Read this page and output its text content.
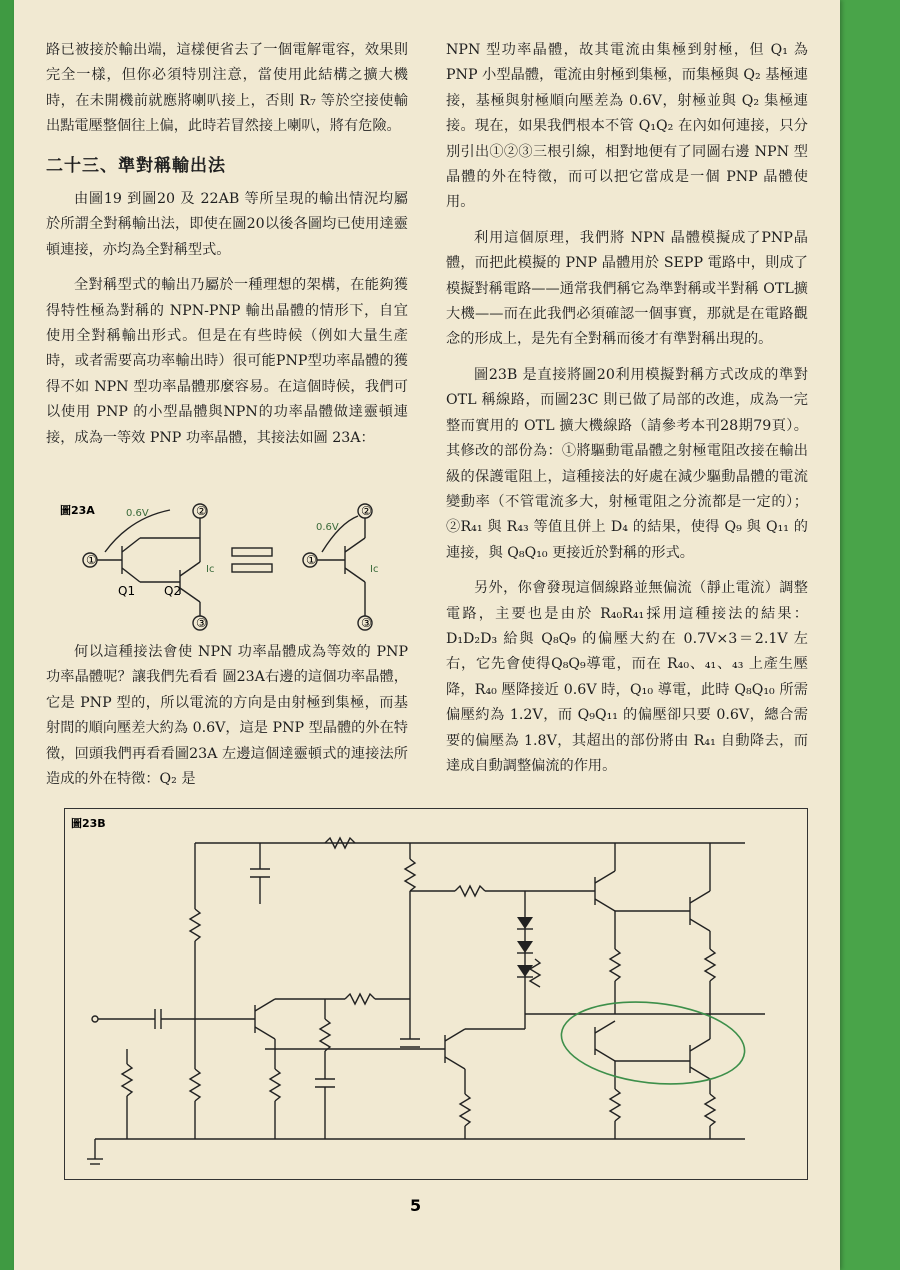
路已被接於輸出端，這樣便省去了一個電解電容，效果則完全一樣，但你必須特別注意，當使用此結構之擴大機時，在未開機前就應將喇叭接上，否則 R₇ 等於空接使輸出點電壓整個往上偏，此時若冒然接上喇叭，將有危險。

二十三、準對稱輸出法

由圖19 到圖20 及 22AB 等所呈現的輸出情況均屬於所謂全對稱輸出法，即使在圖20以後各圖均已使用達靈頓連接，亦均為全對稱型式。

全對稱型式的輸出乃屬於一種理想的架構，在能夠獲得特性極為對稱的 NPN-PNP 輸出晶體的情形下，自宜使用全對稱輸出形式。但是在有些時候（例如大量生產時，或者需要高功率輸出時）很可能PNP型功率晶體的獲得不如 NPN 型功率晶體那麼容易。在這個時候，我們可以使用 PNP 的小型晶體與NPN的功率晶體做達靈頓連接，成為一等效 PNP 功率晶體，其接法如圖 23A：

圖23A
①
②
③
Q1 Q2
0.6V
Ic
①
②
③
0.6V
Ic

何以這種接法會使 NPN 功率晶體成為等效的 PNP 功率晶體呢？讓我們先看看 圖23A右邊的這個功率晶體，它是 PNP 型的，所以電流的方向是由射極到集極，而基射間的順向壓差大約為 0.6V，這是 PNP 型晶體的外在特徵，回頭我們再看看圖23A 左邊這個達靈頓式的連接法所造成的外在特徵：Q₂ 是

NPN 型功率晶體，故其電流由集極到射極，但 Q₁ 為 PNP 小型晶體，電流由射極到集極，而集極與 Q₂ 基極連接，基極與射極順向壓差為 0.6V，射極並與 Q₂ 集極連接。現在，如果我們根本不管 Q₁Q₂ 在內如何連接，只分別引出①②③三根引線，相對地便有了同圖右邊 NPN 型晶體的外在特徵，而可以把它當成是一個 PNP 晶體使用。

利用這個原理，我們將 NPN 晶體模擬成了PNP晶體，而把此模擬的 PNP 晶體用於 SEPP 電路中，則成了模擬對稱電路——通常我們稱它為準對稱或半對稱 OTL擴大機——而在此我們必須確認一個事實，那就是在電路觀念的形成上，是先有全對稱而後才有準對稱出現的。

圖23B 是直接將圖20利用模擬對稱方式改成的準對 OTL 稱線路，而圖23C 則已做了局部的改進，成為一完整而實用的 OTL 擴大機線路（請參考本刊28期79頁）。其修改的部份為：①將驅動電晶體之射極電阻改接在輸出級的保護電阻上，這種接法的好處在減少驅動晶體的電流變動率（不管電流多大，射極電阻之分流都是一定的）；②R₄₁ 與 R₄₃ 等值且併上 D₄ 的結果，使得 Q₉ 與 Q₁₁ 的連接，與 Q₈Q₁₀ 更接近於對稱的形式。

另外，你會發現這個線路並無偏流（靜止電流）調整電路，主要也是由於 R₄₀R₄₁採用這種接法的結果：D₁D₂D₃ 給與 Q₈Q₉ 的偏壓大約在 0.7V×3＝2.1V 左右，它先會使得Q₈Q₉導電，而在 R₄₀、₄₁、₄₃ 上產生壓降，R₄₀ 壓降接近 0.6V 時，Q₁₀ 導電，此時 Q₈Q₁₀ 所需偏壓約為 1.2V，而 Q₉Q₁₁ 的偏壓卻只要 0.6V，總合需要的偏壓為 1.8V，其超出的部份將由 R₄₁ 自動降去，而達成自動調整偏流的作用。

圖23B
5
